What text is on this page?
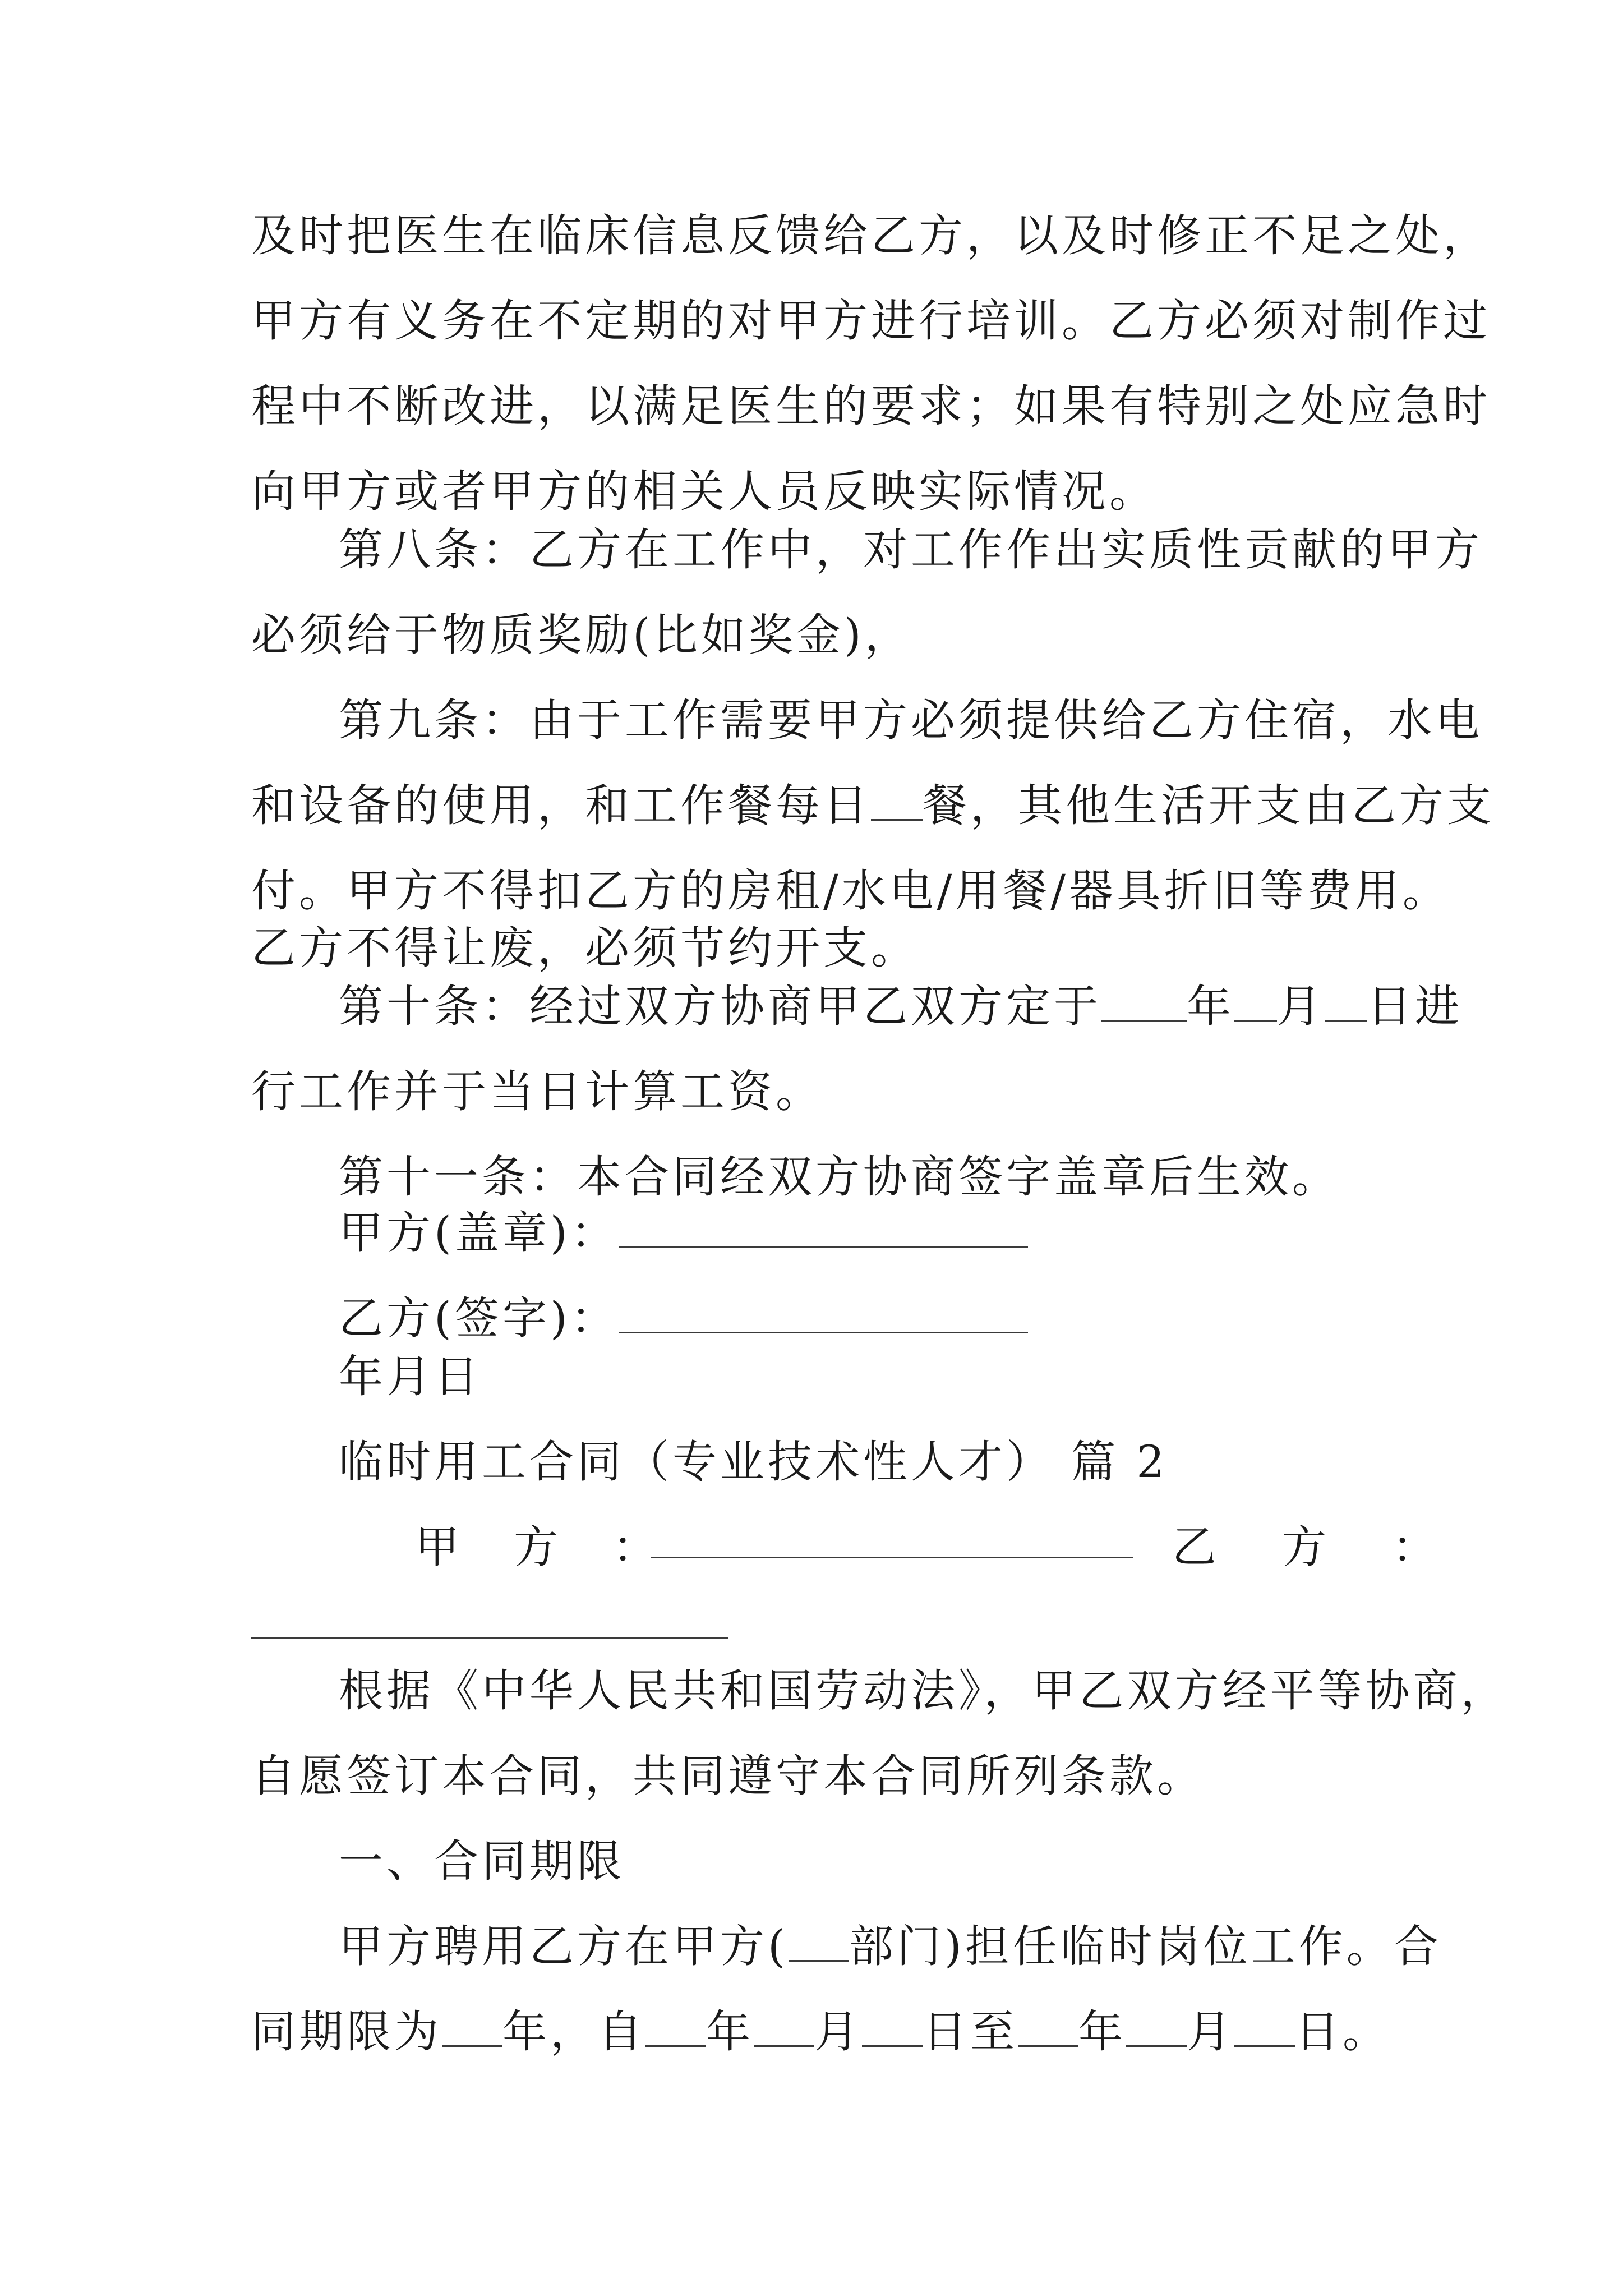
及时把医生在临床信息反馈给乙方，以及时修正不足之处，

甲方有义务在不定期的对甲方进行培训。乙方必须对制作过

程中不断改进，以满足医生的要求；如果有特别之处应急时

向甲方或者甲方的相关人员反映实际情况。

第八条：乙方在工作中，对工作作出实质性贡献的甲方

必须给于物质奖励(比如奖金)，

第九条：由于工作需要甲方必须提供给乙方住宿，水电

和设备的使用，和工作餐每日 餐，其他生活开支由乙方支

付。甲方不得扣乙方的房租/水电/用餐/器具折旧等费用。

乙方不得让废，必须节约开支。

第十条：经过双方协商甲乙双方定于 年 月 日进

行工作并于当日计算工资。

第十一条：本合同经双方协商签字盖章后生效。

甲方(盖章)：

乙方(签字)：

年月日

临时用工合同（专业技术性人才） 篇 2

甲 方 ：	乙 方 ：

根据《中华人民共和国劳动法》，甲乙双方经平等协商，

自愿签订本合同，共同遵守本合同所列条款。

一、合同期限

甲方聘用乙方在甲方( 部门)担任临时岗位工作。合

同期限为 年，自 年 月 日至 年 月 日。
